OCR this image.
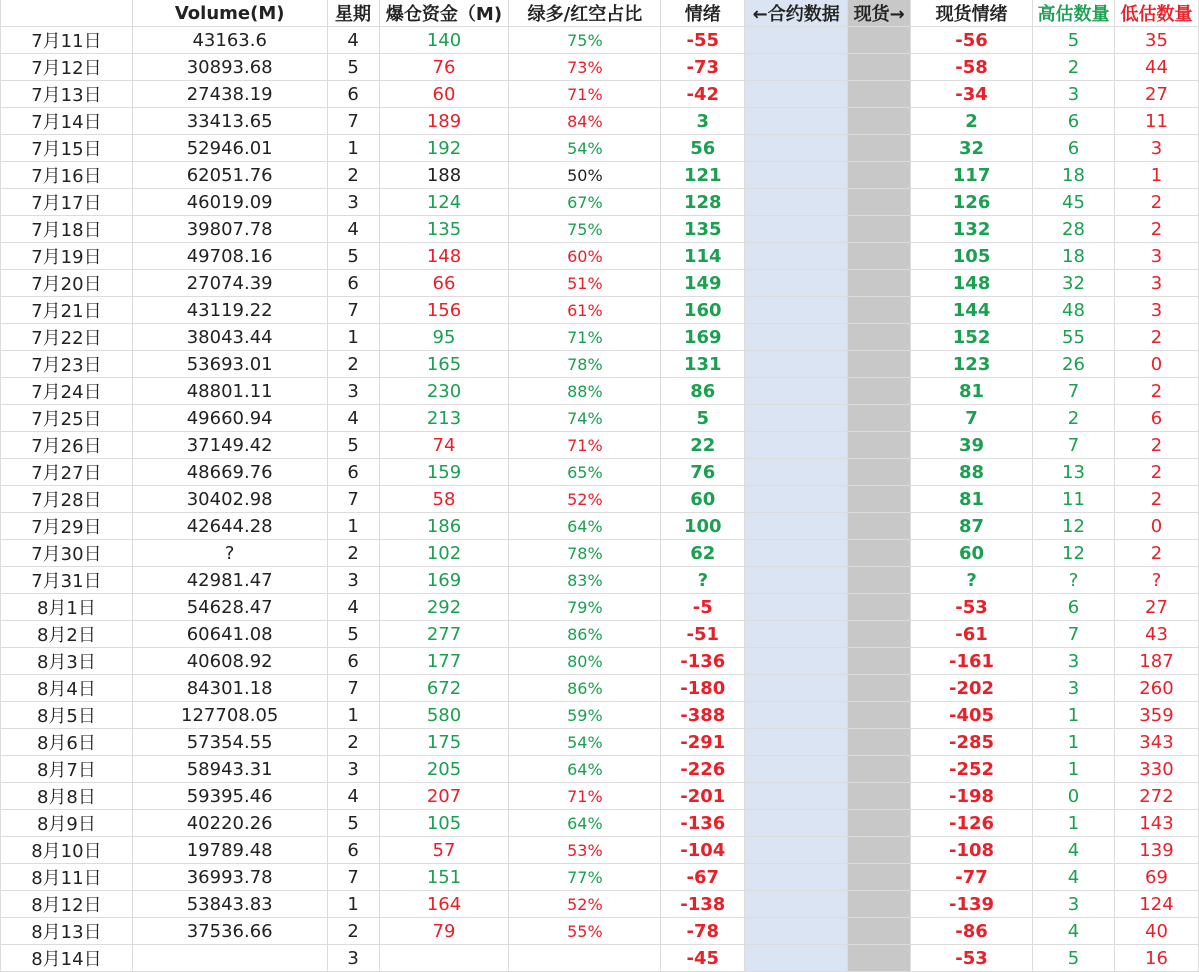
	Volume(M)	星期	爆仓资金（M)	绿多/红空占比	情绪	←合约数据	现货→	现货情绪	高估数量	低估数量
7月11日	43163.6	4	140	75%	-55			-56	5	35
7月12日	30893.68	5	76	73%	-73			-58	2	44
7月13日	27438.19	6	60	71%	-42			-34	3	27
7月14日	33413.65	7	189	84%	3			2	6	11
7月15日	52946.01	1	192	54%	56			32	6	3
7月16日	62051.76	2	188	50%	121			117	18	1
7月17日	46019.09	3	124	67%	128			126	45	2
7月18日	39807.78	4	135	75%	135			132	28	2
7月19日	49708.16	5	148	60%	114			105	18	3
7月20日	27074.39	6	66	51%	149			148	32	3
7月21日	43119.22	7	156	61%	160			144	48	3
7月22日	38043.44	1	95	71%	169			152	55	2
7月23日	53693.01	2	165	78%	131			123	26	0
7月24日	48801.11	3	230	88%	86			81	7	2
7月25日	49660.94	4	213	74%	5			7	2	6
7月26日	37149.42	5	74	71%	22			39	7	2
7月27日	48669.76	6	159	65%	76			88	13	2
7月28日	30402.98	7	58	52%	60			81	11	2
7月29日	42644.28	1	186	64%	100			87	12	0
7月30日	?	2	102	78%	62			60	12	2
7月31日	42981.47	3	169	83%	?			?	?	?
8月1日	54628.47	4	292	79%	-5			-53	6	27
8月2日	60641.08	5	277	86%	-51			-61	7	43
8月3日	40608.92	6	177	80%	-136			-161	3	187
8月4日	84301.18	7	672	86%	-180			-202	3	260
8月5日	127708.05	1	580	59%	-388			-405	1	359
8月6日	57354.55	2	175	54%	-291			-285	1	343
8月7日	58943.31	3	205	64%	-226			-252	1	330
8月8日	59395.46	4	207	71%	-201			-198	0	272
8月9日	40220.26	5	105	64%	-136			-126	1	143
8月10日	19789.48	6	57	53%	-104			-108	4	139
8月11日	36993.78	7	151	77%	-67			-77	4	69
8月12日	53843.83	1	164	52%	-138			-139	3	124
8月13日	37536.66	2	79	55%	-78			-86	4	40
8月14日		3			-45			-53	5	16
